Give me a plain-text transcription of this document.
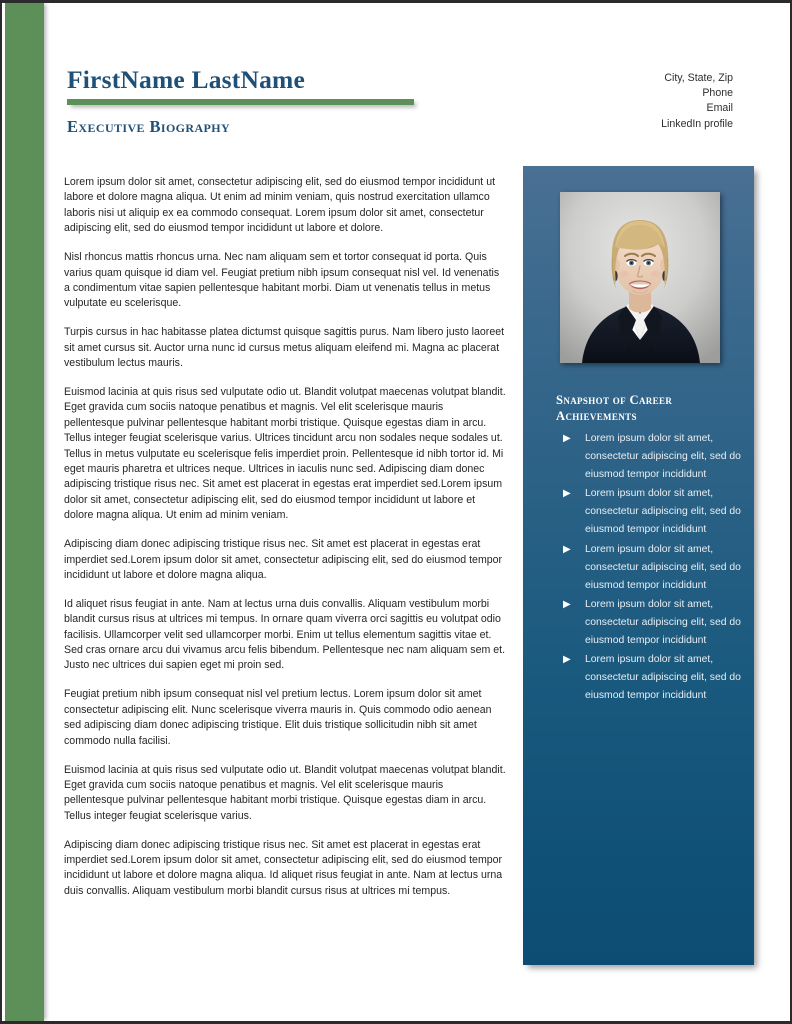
FirstName LastName
Executive Biography
City, State, Zip
Phone
Email
LinkedIn profile

Lorem ipsum dolor sit amet, consectetur adipiscing elit, sed do eiusmod tempor incididunt ut labore et dolore magna aliqua. Ut enim ad minim veniam, quis nostrud exercitation ullamco laboris nisi ut aliquip ex ea commodo consequat. Lorem ipsum dolor sit amet, consectetur adipiscing elit, sed do eiusmod tempor incididunt ut labore et dolore.

Nisl rhoncus mattis rhoncus urna. Nec nam aliquam sem et tortor consequat id porta. Quis varius quam quisque id diam vel. Feugiat pretium nibh ipsum consequat nisl vel. Id venenatis a condimentum vitae sapien pellentesque habitant morbi. Diam ut venenatis tellus in metus vulputate eu scelerisque.

Turpis cursus in hac habitasse platea dictumst quisque sagittis purus. Nam libero justo laoreet sit amet cursus sit. Auctor urna nunc id cursus metus aliquam eleifend mi. Magna ac placerat vestibulum lectus mauris.

Euismod lacinia at quis risus sed vulputate odio ut. Blandit volutpat maecenas volutpat blandit. Eget gravida cum sociis natoque penatibus et magnis. Vel elit scelerisque mauris pellentesque pulvinar pellentesque habitant morbi tristique. Quisque egestas diam in arcu. Tellus integer feugiat scelerisque varius. Ultrices tincidunt arcu non sodales neque sodales ut. Tellus in metus vulputate eu scelerisque felis imperdiet proin. Pellentesque id nibh tortor id. Mi eget mauris pharetra et ultrices neque. Ultrices in iaculis nunc sed. Adipiscing diam donec adipiscing tristique risus nec. Sit amet est placerat in egestas erat imperdiet sed.Lorem ipsum dolor sit amet, consectetur adipiscing elit, sed do eiusmod tempor incididunt ut labore et dolore magna aliqua. Ut enim ad minim veniam.

Adipiscing diam donec adipiscing tristique risus nec. Sit amet est placerat in egestas erat imperdiet sed.Lorem ipsum dolor sit amet, consectetur adipiscing elit, sed do eiusmod tempor incididunt ut labore et dolore magna aliqua.

Id aliquet risus feugiat in ante. Nam at lectus urna duis convallis. Aliquam vestibulum morbi blandit cursus risus at ultrices mi tempus. In ornare quam viverra orci sagittis eu volutpat odio facilisis. Ullamcorper velit sed ullamcorper morbi. Enim ut tellus elementum sagittis vitae et. Sed cras ornare arcu dui vivamus arcu felis bibendum. Pellentesque nec nam aliquam sem et. Justo nec ultrices dui sapien eget mi proin sed.

Feugiat pretium nibh ipsum consequat nisl vel pretium lectus. Lorem ipsum dolor sit amet consectetur adipiscing elit. Nunc scelerisque viverra mauris in. Quis commodo odio aenean sed adipiscing diam donec adipiscing tristique. Elit duis tristique sollicitudin nibh sit amet commodo nulla facilisi.

Euismod lacinia at quis risus sed vulputate odio ut. Blandit volutpat maecenas volutpat blandit. Eget gravida cum sociis natoque penatibus et magnis. Vel elit scelerisque mauris pellentesque pulvinar pellentesque habitant morbi tristique. Quisque egestas diam in arcu. Tellus integer feugiat scelerisque varius.

Adipiscing diam donec adipiscing tristique risus nec. Sit amet est placerat in egestas erat imperdiet sed.Lorem ipsum dolor sit amet, consectetur adipiscing elit, sed do eiusmod tempor incididunt ut labore et dolore magna aliqua. Id aliquet risus feugiat in ante. Nam at lectus urna duis convallis. Aliquam vestibulum morbi blandit cursus risus at ultrices mi tempus.

Snapshot of Career Achievements
▶ Lorem ipsum dolor sit amet, consectetur adipiscing elit, sed do eiusmod tempor incididunt
▶ Lorem ipsum dolor sit amet, consectetur adipiscing elit, sed do eiusmod tempor incididunt
▶ Lorem ipsum dolor sit amet, consectetur adipiscing elit, sed do eiusmod tempor incididunt
▶ Lorem ipsum dolor sit amet, consectetur adipiscing elit, sed do eiusmod tempor incididunt
▶ Lorem ipsum dolor sit amet, consectetur adipiscing elit, sed do eiusmod tempor incididunt
